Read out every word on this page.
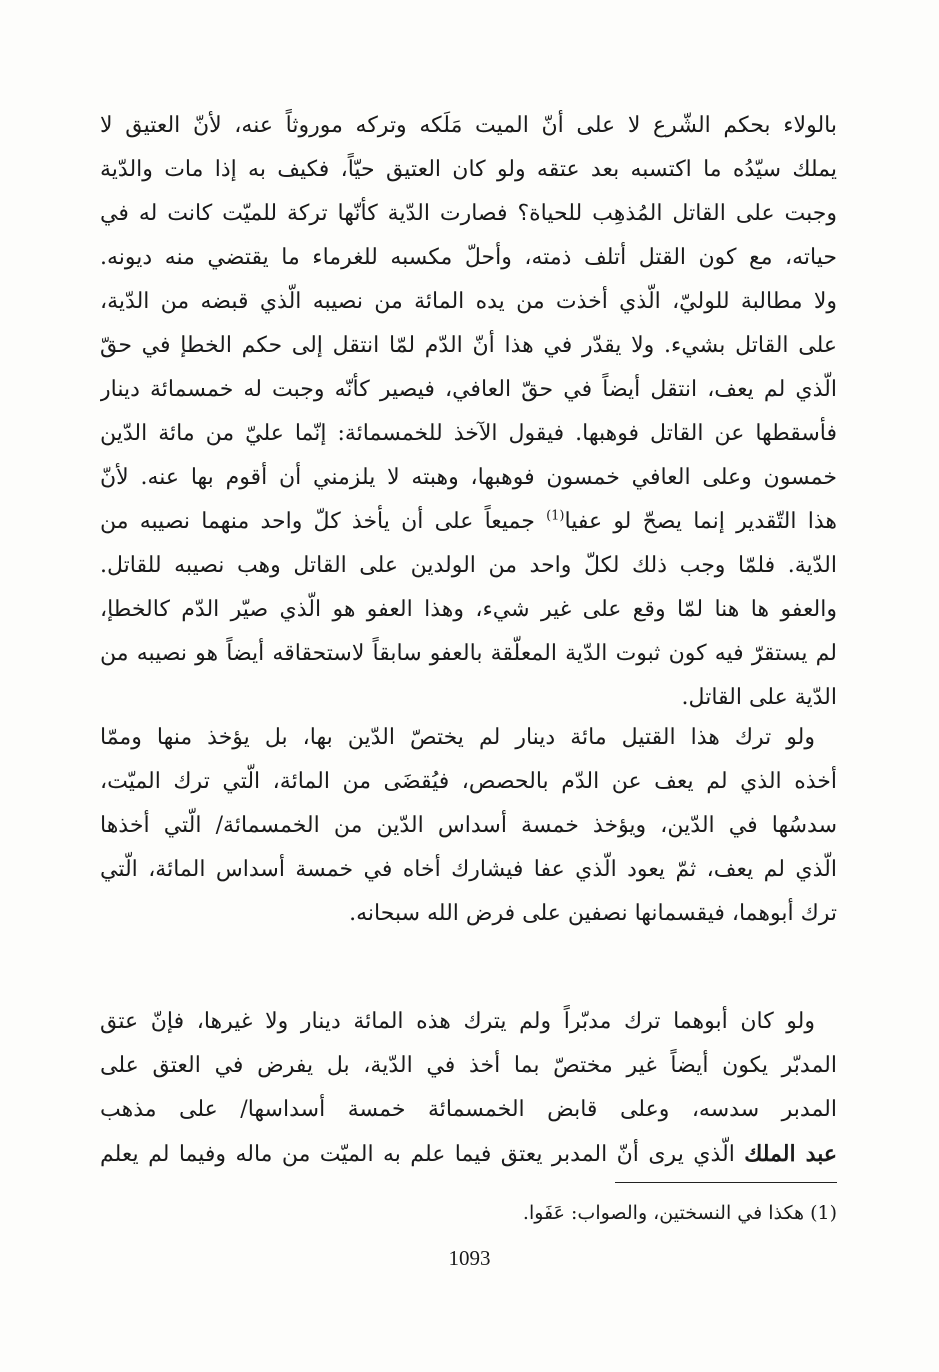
بالولاء بحكم الشّرع لا على أنّ الميت مَلَكه وتركه موروثاً عنه، لأنّ العتيق لا
يملك سيّدُه ما اكتسبه بعد عتقه ولو كان العتيق حيّاً، فكيف به إذا مات والدّية
وجبت على القاتل المُذهِب للحياة؟ فصارت الدّية كأنّها تركة للميّت كانت له في
حياته، مع كون القتل أتلف ذمته، وأحلّ مكسبه للغرماء ما يقتضي منه ديونه.
ولا مطالبة للوليّ، الّذي أخذت من يده المائة من نصيبه الّذي قبضه من الدّية،
على القاتل بشيء. ولا يقدّر في هذا أنّ الدّم لمّا انتقل إلى حكم الخطإ في حقّ
الّذي لم يعف، انتقل أيضاً في حقّ العافي، فيصير كأنّه وجبت له خمسمائة دينار
فأسقطها عن القاتل فوهبها. فيقول الآخذ للخمسمائة: إنّما عليّ من مائة الدّين
خمسون وعلى العافي خمسون فوهبها، وهبته لا يلزمني أن أقوم بها عنه. لأنّ
هذا التّقدير إنما يصحّ لو عفيا$^{(1)}$ جميعاً على أن يأخذ كلّ واحد منهما نصيبه من
الدّية. فلمّا وجب ذلك لكلّ واحد من الولدين على القاتل وهب نصيبه للقاتل.
والعفو ها هنا لمّا وقع على غير شيء، وهذا العفو هو الّذي صيّر الدّم كالخطإ،
لم يستقرّ فيه كون ثبوت الدّية المعلّقة بالعفو سابقاً لاستحقاقه أيضاً هو نصيبه من
الدّية على القاتل.
ولو ترك هذا القتيل مائة دينار لم يختصّ الدّين بها، بل يؤخذ منها وممّا
أخذه الذي لم يعف عن الدّم بالحصص، فيُقضَى من المائة، الّتي ترك الميّت،
سدسُها في الدّين، ويؤخذ خمسة أسداس الدّين من الخمسمائة/ الّتي أخذها
الّذي لم يعف، ثمّ يعود الّذي عفا فيشارك أخاه في خمسة أسداس المائة، الّتي
ترك أبوهما، فيقسمانها نصفين على فرض الله سبحانه.
ولو كان أبوهما ترك مدبّراً ولم يترك هذه المائة دينار ولا غيرها، فإنّ عتق
المدبّر يكون أيضاً غير مختصّ بما أخذ في الدّية، بل يفرض في العتق على
المدبر سدسه، وعلى قابض الخمسمائة خمسة أسداسها/ على مذهب
عبد الملك الّذي يرى أنّ المدبر يعتق فيما علم به الميّت من ماله وفيما لم يعلم
(1) هكذا في النسختين، والصواب: عَفَوا.
1093
